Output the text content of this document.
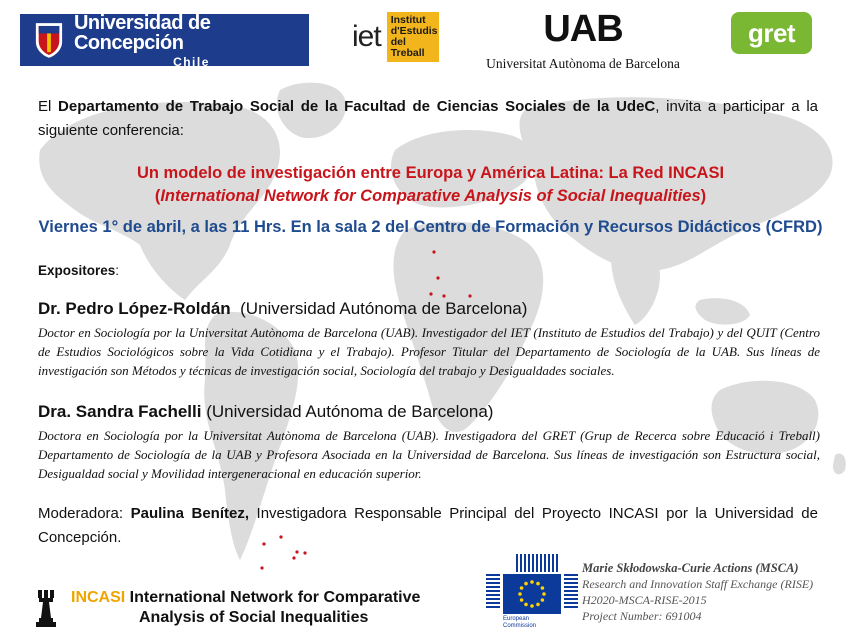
Universidad de Concepción
Chile
iet
Institut d'Estudis del Treball
UAB
Universitat Autònoma de Barcelona
gret
El Departamento de Trabajo Social de la Facultad de Ciencias Sociales de la UdeC, invita a participar a la siguiente conferencia:
Un modelo de investigación entre Europa y América Latina: La Red INCASI
(International Network for Comparative Analysis of Social Inequalities)
Viernes 1° de abril, a las 11 Hrs. En la sala 2 del Centro de Formación y Recursos Didácticos (CFRD)
Expositores:
Dr. Pedro López-Roldán (Universidad Autónoma de Barcelona)
Doctor en Sociología por la Universitat Autònoma de Barcelona (UAB). Investigador del IET (Instituto de Estudios del Trabajo) y del QUIT (Centro de Estudios Sociológicos sobre la Vida Cotidiana y el Trabajo). Profesor Titular del Departamento de Sociología de la UAB. Sus líneas de investigación son Métodos y técnicas de investigación social, Sociología del trabajo y Desigualdades sociales.
Dra. Sandra Fachelli (Universidad Autónoma de Barcelona)
Doctora en Sociología por la Universitat Autònoma de Barcelona (UAB). Investigadora del GRET (Grup de Recerca sobre Educació i Treball) Departamento de Sociología de la UAB y Profesora Asociada en la Universidad de Barcelona. Sus líneas de investigación son Estructura social, Desigualdad social y Movilidad intergeneracional en educación superior.
Moderadora: Paulina Benítez, Investigadora Responsable Principal del Proyecto INCASI por la Universidad de Concepción.
INCASI International Network for Comparative
Analysis of Social Inequalities	European
Commission
Marie Skłodowska-Curie Actions (MSCA)
Research and Innovation Staff Exchange (RISE)
H2020-MSCA-RISE-2015
Project Number: 691004
